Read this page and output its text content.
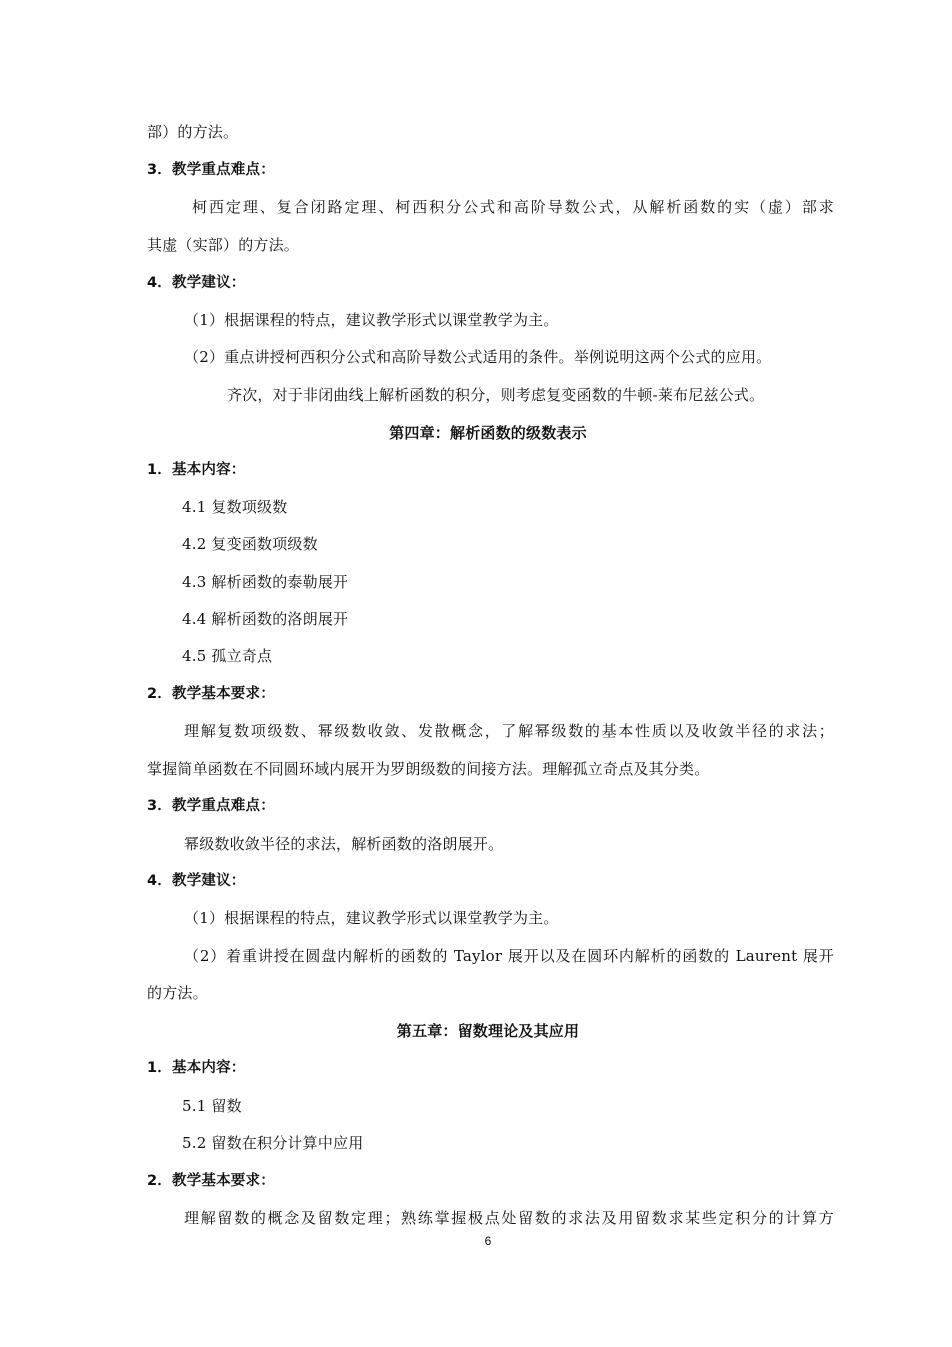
部）的方法。
3．教学重点难点：
柯西定理、复合闭路定理、柯西积分公式和高阶导数公式，从解析函数的实（虚）部求
其虚（实部）的方法。
4．教学建议：
（1）根据课程的特点，建议教学形式以课堂教学为主。
（2）重点讲授柯西积分公式和高阶导数公式适用的条件。举例说明这两个公式的应用。
齐次，对于非闭曲线上解析函数的积分，则考虑复变函数的牛顿-莱布尼兹公式。
第四章：解析函数的级数表示
1．基本内容：
4.1 复数项级数
4.2 复变函数项级数
4.3 解析函数的泰勒展开
4.4 解析函数的洛朗展开
4.5 孤立奇点
2．教学基本要求：
理解复数项级数、幂级数收敛、发散概念，了解幂级数的基本性质以及收敛半径的求法；
掌握简单函数在不同圆环域内展开为罗朗级数的间接方法。理解孤立奇点及其分类。
3．教学重点难点：
幂级数收敛半径的求法，解析函数的洛朗展开。
4．教学建议：
（1）根据课程的特点，建议教学形式以课堂教学为主。
（2）着重讲授在圆盘内解析的函数的 Taylor 展开以及在圆环内解析的函数的 Laurent 展开
的方法。
第五章：留数理论及其应用
1．基本内容：
5.1 留数
5.2 留数在积分计算中应用
2．教学基本要求：
理解留数的概念及留数定理；熟练掌握极点处留数的求法及用留数求某些定积分的计算方
6
